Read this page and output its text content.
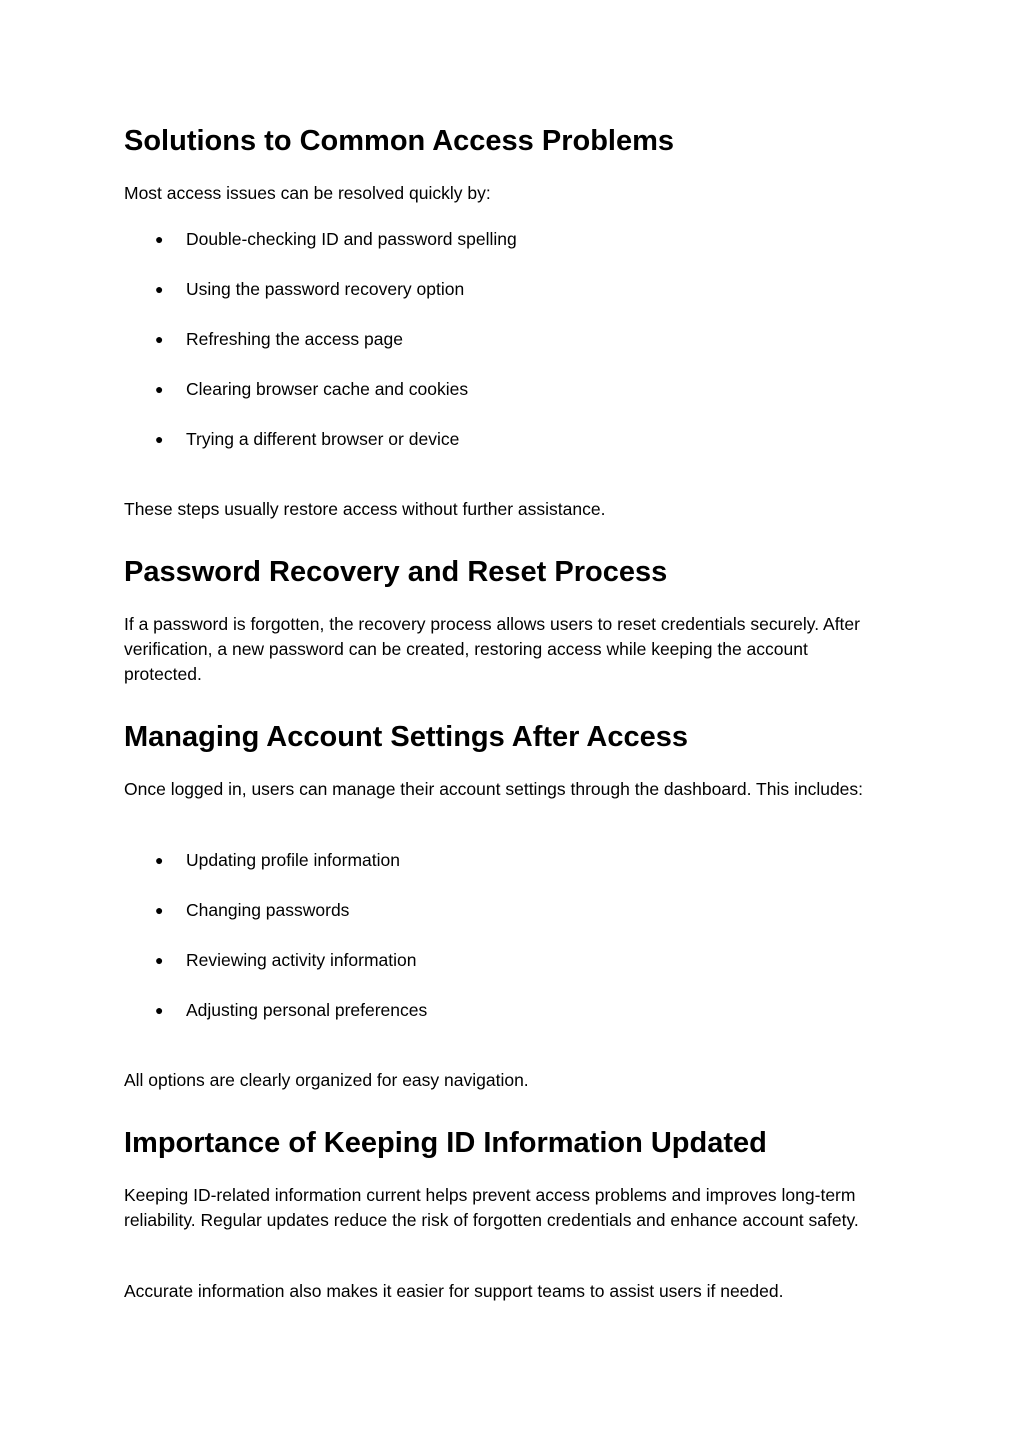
Solutions to Common Access Problems

Most access issues can be resolved quickly by:

● Double-checking ID and password spelling
● Using the password recovery option
● Refreshing the access page
● Clearing browser cache and cookies
● Trying a different browser or device

These steps usually restore access without further assistance.

Password Recovery and Reset Process

If a password is forgotten, the recovery process allows users to reset credentials securely. After verification, a new password can be created, restoring access while keeping the account protected.

Managing Account Settings After Access

Once logged in, users can manage their account settings through the dashboard. This includes:

● Updating profile information
● Changing passwords
● Reviewing activity information
● Adjusting personal preferences

All options are clearly organized for easy navigation.

Importance of Keeping ID Information Updated

Keeping ID-related information current helps prevent access problems and improves long-term reliability. Regular updates reduce the risk of forgotten credentials and enhance account safety.

Accurate information also makes it easier for support teams to assist users if needed.
